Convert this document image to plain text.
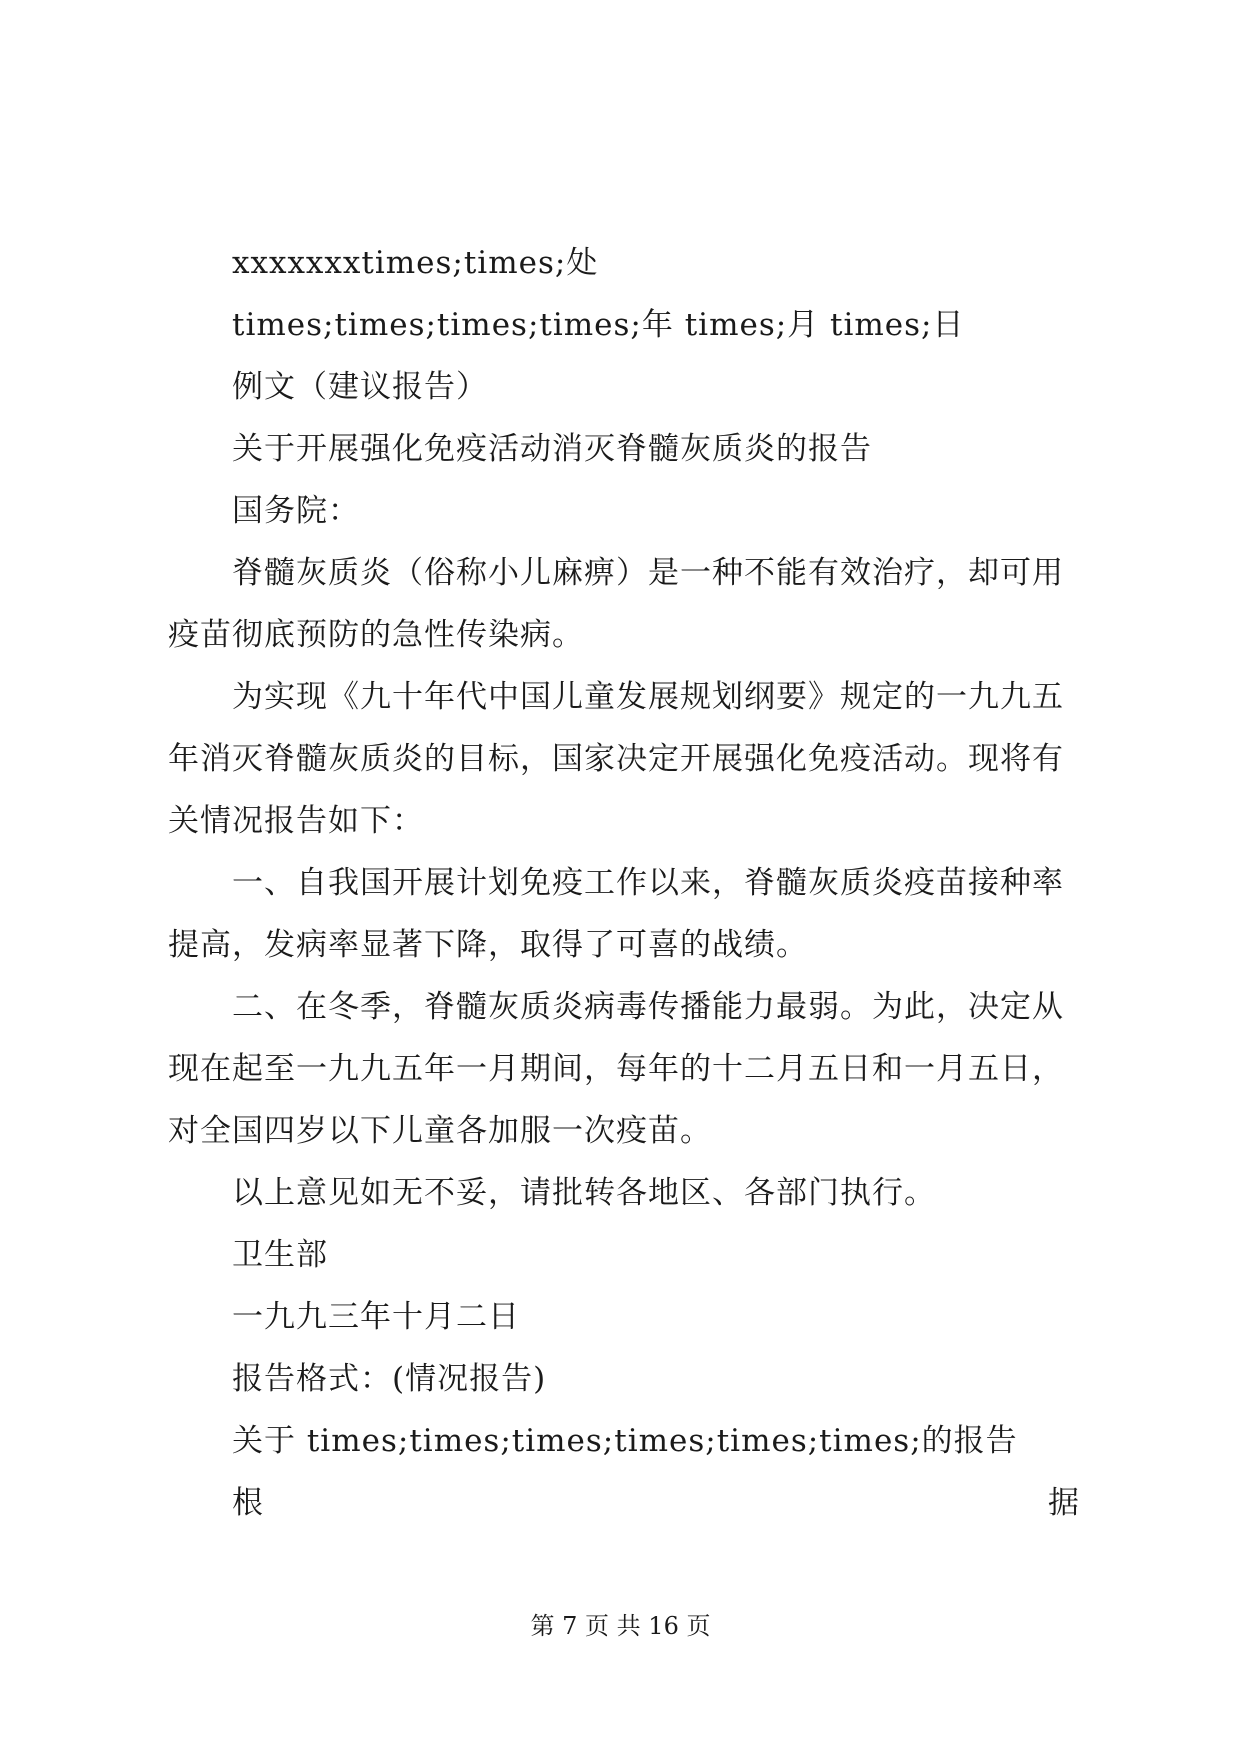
xxxxxxxtimes;times;处
times;times;times;times;年 times;月 times;日
例文（建议报告）
关于开展强化免疫活动消灭脊髓灰质炎的报告
国务院：
脊髓灰质炎（俗称小儿麻痹）是一种不能有效治疗，却可用
疫苗彻底预防的急性传染病。
为实现《九十年代中国儿童发展规划纲要》规定的一九九五
年消灭脊髓灰质炎的目标，国家决定开展强化免疫活动。现将有
关情况报告如下：
一、自我国开展计划免疫工作以来，脊髓灰质炎疫苗接种率
提高，发病率显著下降，取得了可喜的战绩。
二、在冬季，脊髓灰质炎病毒传播能力最弱。为此，决定从
现在起至一九九五年一月期间，每年的十二月五日和一月五日，
对全国四岁以下儿童各加服一次疫苗。
以上意见如无不妥，请批转各地区、各部门执行。
卫生部
一九九三年十月二日
报告格式：(情况报告)
关于 times;times;times;times;times;times;的报告
根	据
第 7 页 共 16 页
